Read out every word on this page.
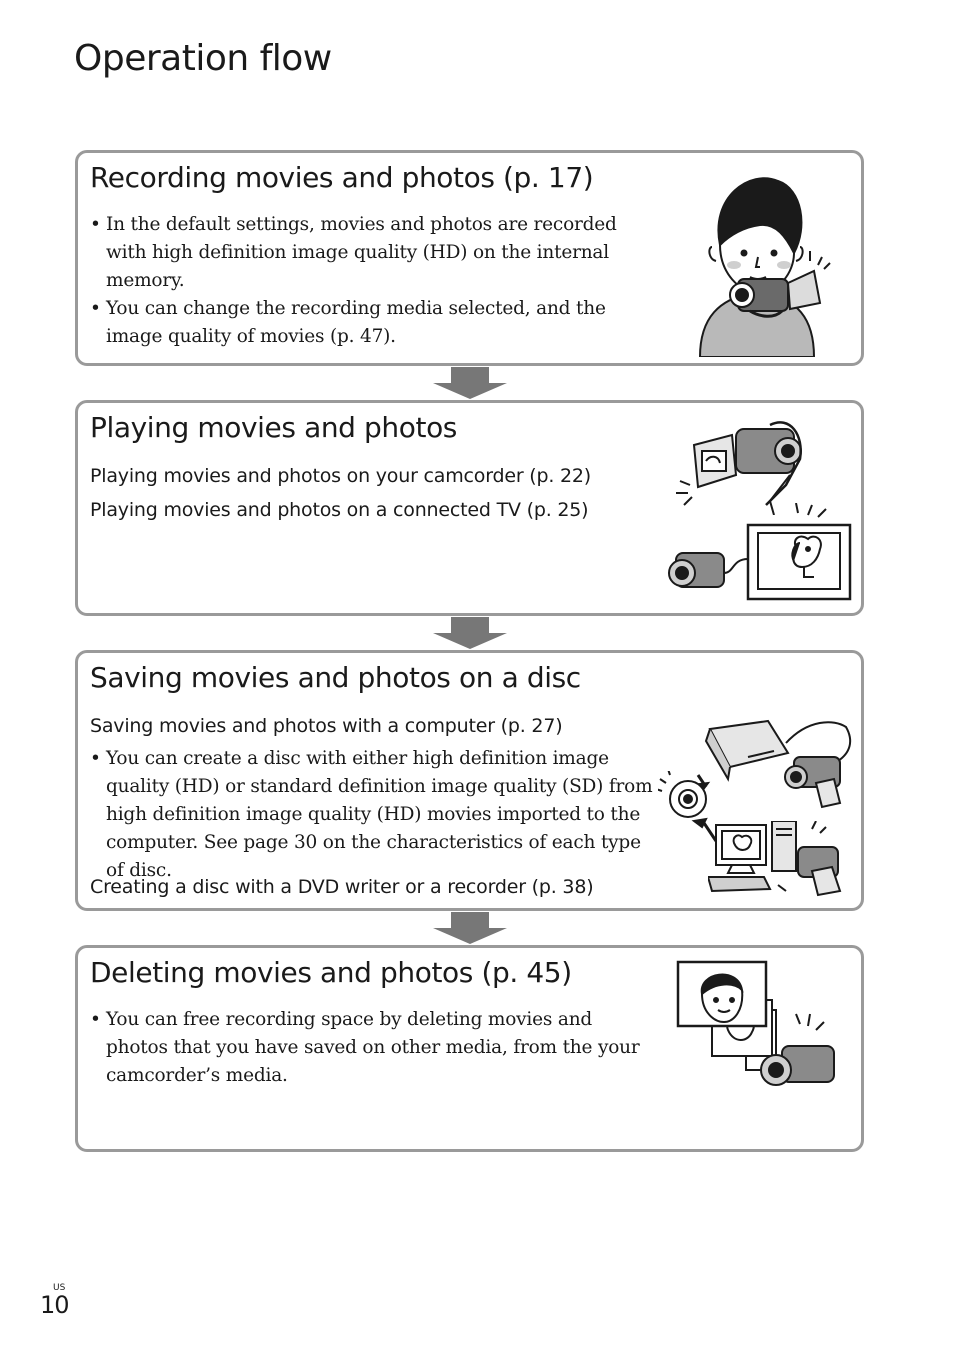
Operation flow
Recording movies and photos (p. 17)
• In the default settings, movies and photos are recorded with high definition image quality (HD) on the internal memory.
• You can change the recording media selected, and the image quality of movies (p. 47).
Playing movies and photos
Playing movies and photos on your camcorder (p. 22)
Playing movies and photos on a connected TV (p. 25)
Saving movies and photos on a disc
Saving movies and photos with a computer (p. 27)
• You can create a disc with either high definition image quality (HD) or standard definition image quality (SD) from high definition image quality (HD) movies imported to the computer. See page 30 on the characteristics of each type of disc.
Creating a disc with a DVD writer or a recorder (p. 38)
Deleting movies and photos (p. 45)
• You can free recording space by deleting movies and photos that you have saved on other media, from the your camcorder’s media.
US
10
